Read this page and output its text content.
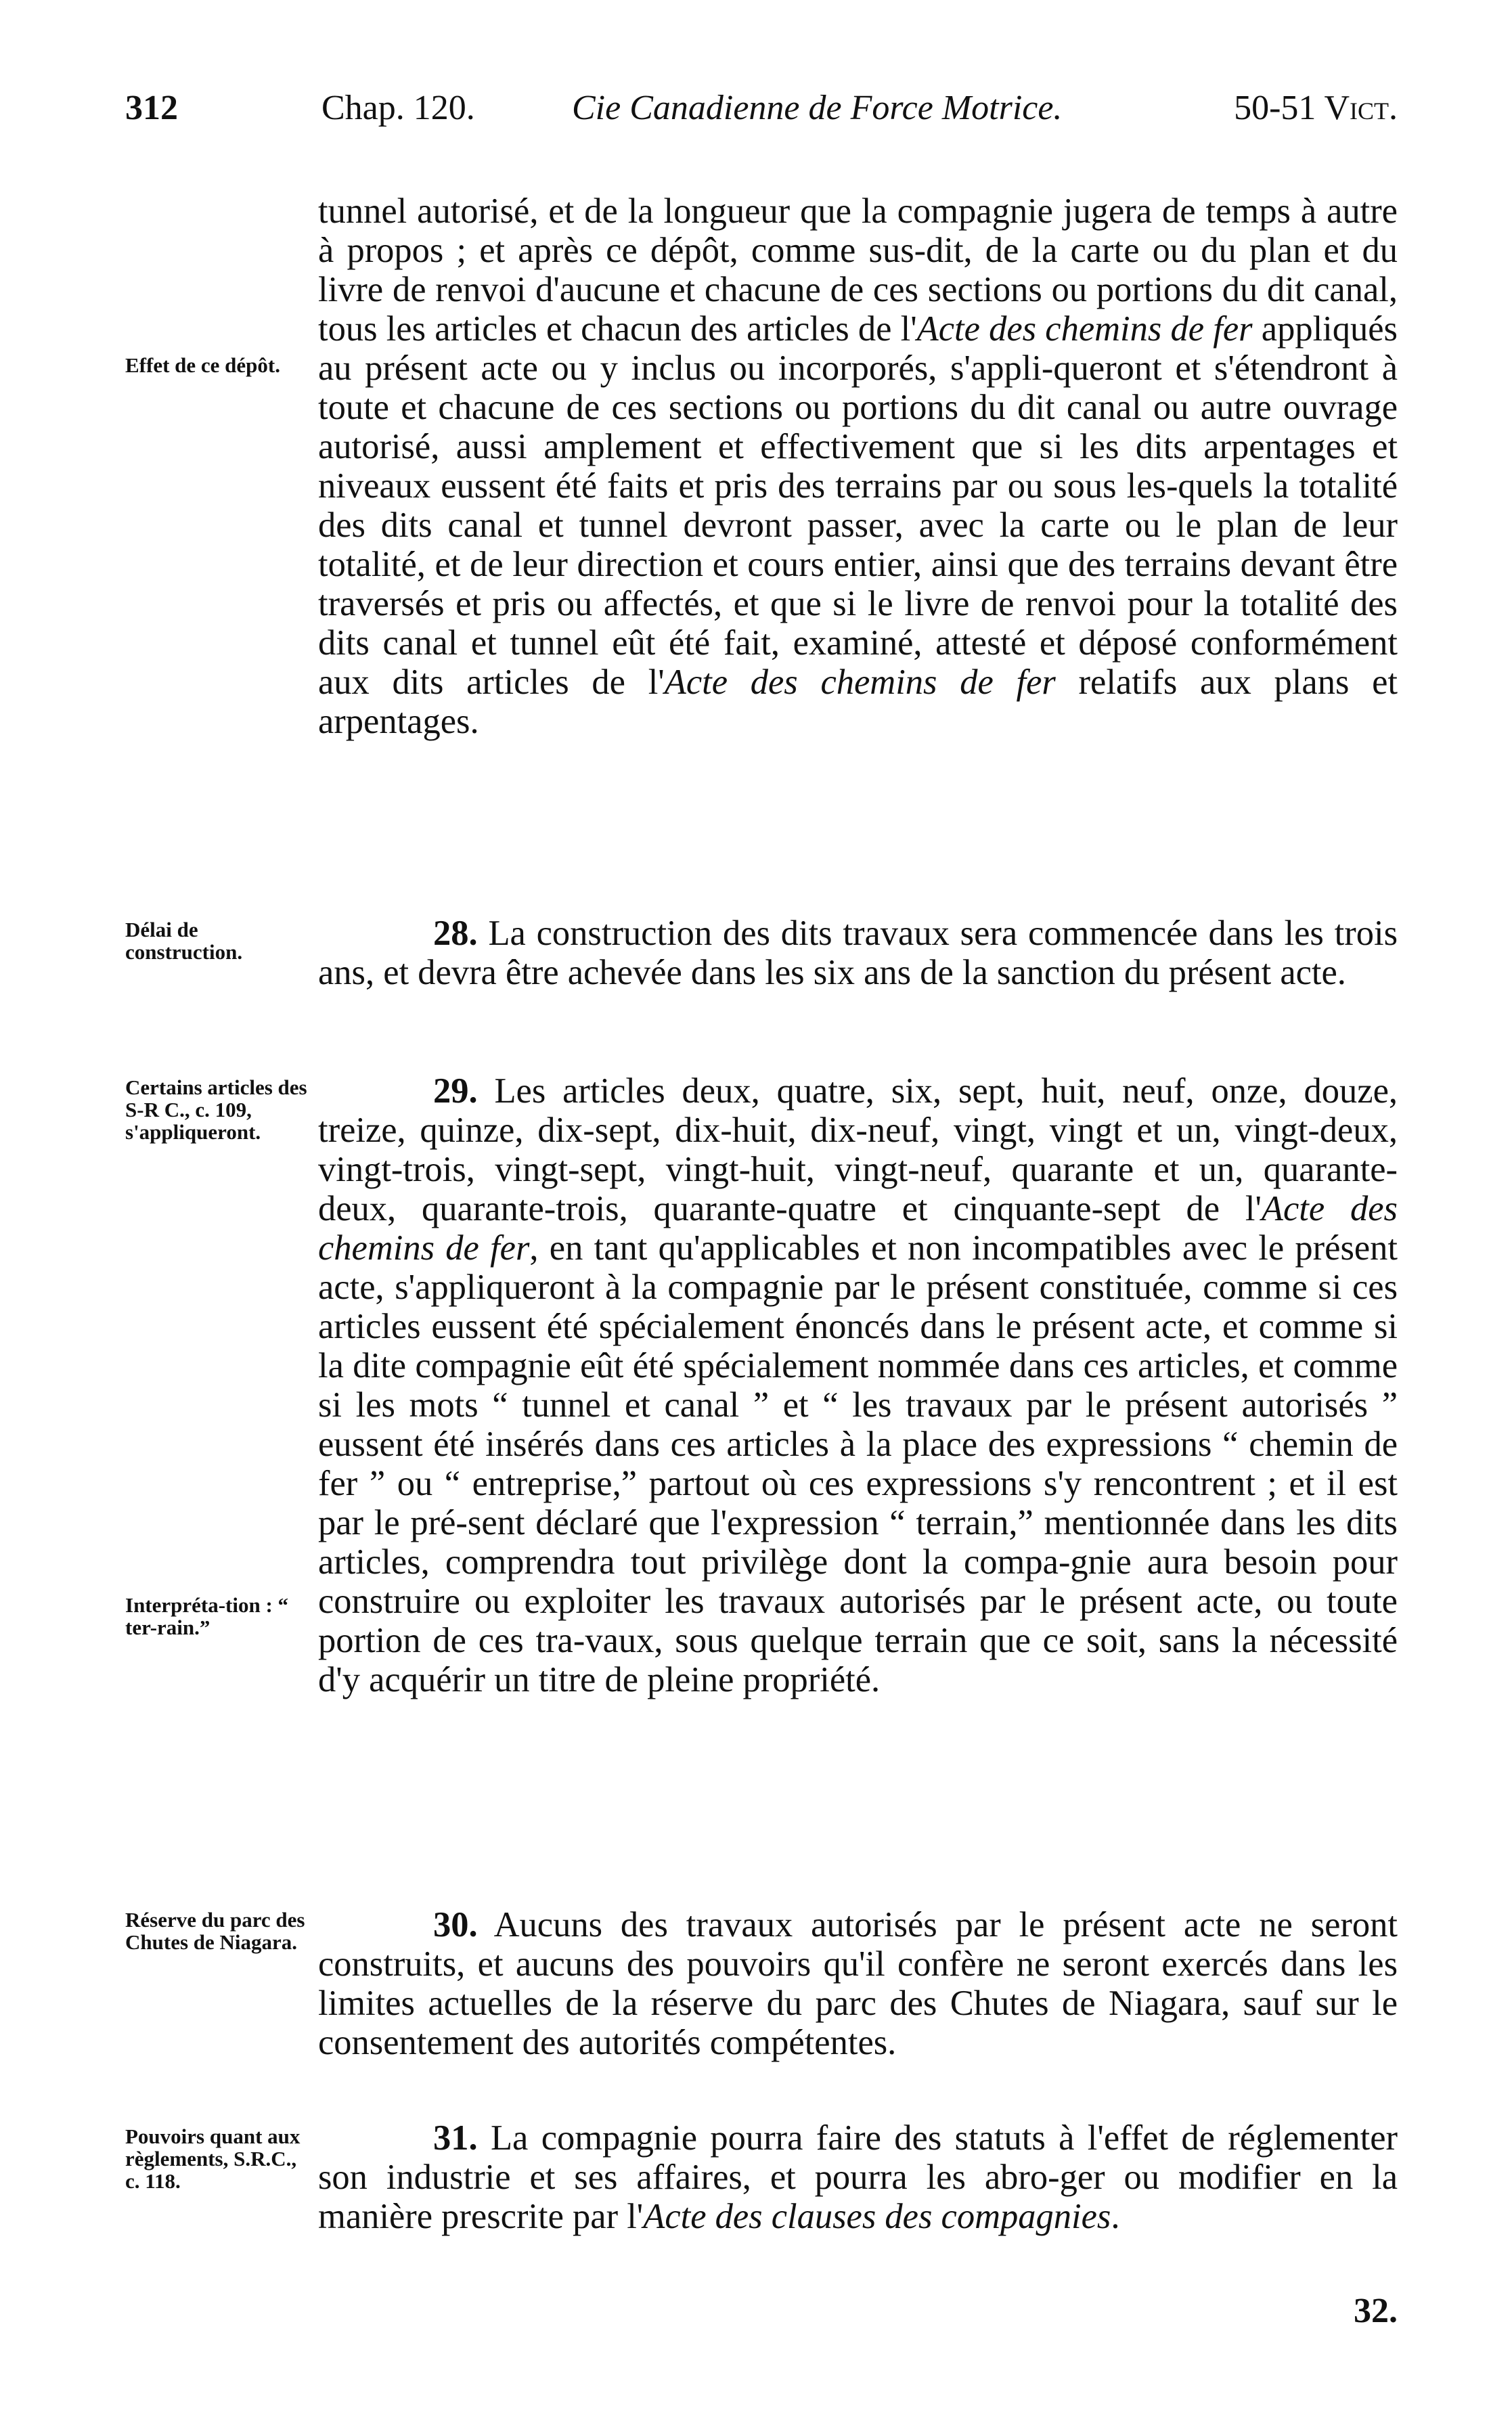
312	Chap. 120.	Cie Canadienne de Force Motrice.	50-51 Vict.
Effet de ce dépôt.
Délai de construction.
Certains articles des S-R C., c. 109, s'appliqueront.
Interpréta-tion : “ ter-rain.”
Réserve du parc des Chutes de Niagara.
Pouvoirs quant aux règlements, S.R.C., c. 118.

tunnel autorisé, et de la longueur que la compagnie jugera de temps à autre à propos ; et après ce dépôt, comme sus-dit, de la carte ou du plan et du livre de renvoi d'aucune et chacune de ces sections ou portions du dit canal, tous les articles et chacun des articles de l'Acte des chemins de fer appliqués au présent acte ou y inclus ou incorporés, s'appli-queront et s'étendront à toute et chacune de ces sections ou portions du dit canal ou autre ouvrage autorisé, aussi amplement et effectivement que si les dits arpentages et niveaux eussent été faits et pris des terrains par ou sous les-quels la totalité des dits canal et tunnel devront passer, avec la carte ou le plan de leur totalité, et de leur direction et cours entier, ainsi que des terrains devant être traversés et pris ou affectés, et que si le livre de renvoi pour la totalité des dits canal et tunnel eût été fait, examiné, attesté et déposé conformément aux dits articles de l'Acte des chemins de fer relatifs aux plans et arpentages.

28. La construction des dits travaux sera commencée dans les trois ans, et devra être achevée dans les six ans de la sanction du présent acte.

29. Les articles deux, quatre, six, sept, huit, neuf, onze, douze, treize, quinze, dix-sept, dix-huit, dix-neuf, vingt, vingt et un, vingt-deux, vingt-trois, vingt-sept, vingt-huit, vingt-neuf, quarante et un, quarante-deux, quarante-trois, quarante-quatre et cinquante-sept de l'Acte des chemins de fer, en tant qu'applicables et non incompatibles avec le présent acte, s'appliqueront à la compagnie par le présent constituée, comme si ces articles eussent été spécialement énoncés dans le présent acte, et comme si la dite compagnie eût été spécialement nommée dans ces articles, et comme si les mots “ tunnel et canal ” et “ les travaux par le présent autorisés ” eussent été insérés dans ces articles à la place des expressions “ chemin de fer ” ou “ entreprise,” partout où ces expressions s'y rencontrent ; et il est par le pré-sent déclaré que l'expression “ terrain,” mentionnée dans les dits articles, comprendra tout privilège dont la compa-gnie aura besoin pour construire ou exploiter les travaux autorisés par le présent acte, ou toute portion de ces tra-vaux, sous quelque terrain que ce soit, sans la nécessité d'y acquérir un titre de pleine propriété.

30. Aucuns des travaux autorisés par le présent acte ne seront construits, et aucuns des pouvoirs qu'il confère ne seront exercés dans les limites actuelles de la réserve du parc des Chutes de Niagara, sauf sur le consentement des autorités compétentes.

31. La compagnie pourra faire des statuts à l'effet de réglementer son industrie et ses affaires, et pourra les abro-ger ou modifier en la manière prescrite par l'Acte des clauses des compagnies.

32.
